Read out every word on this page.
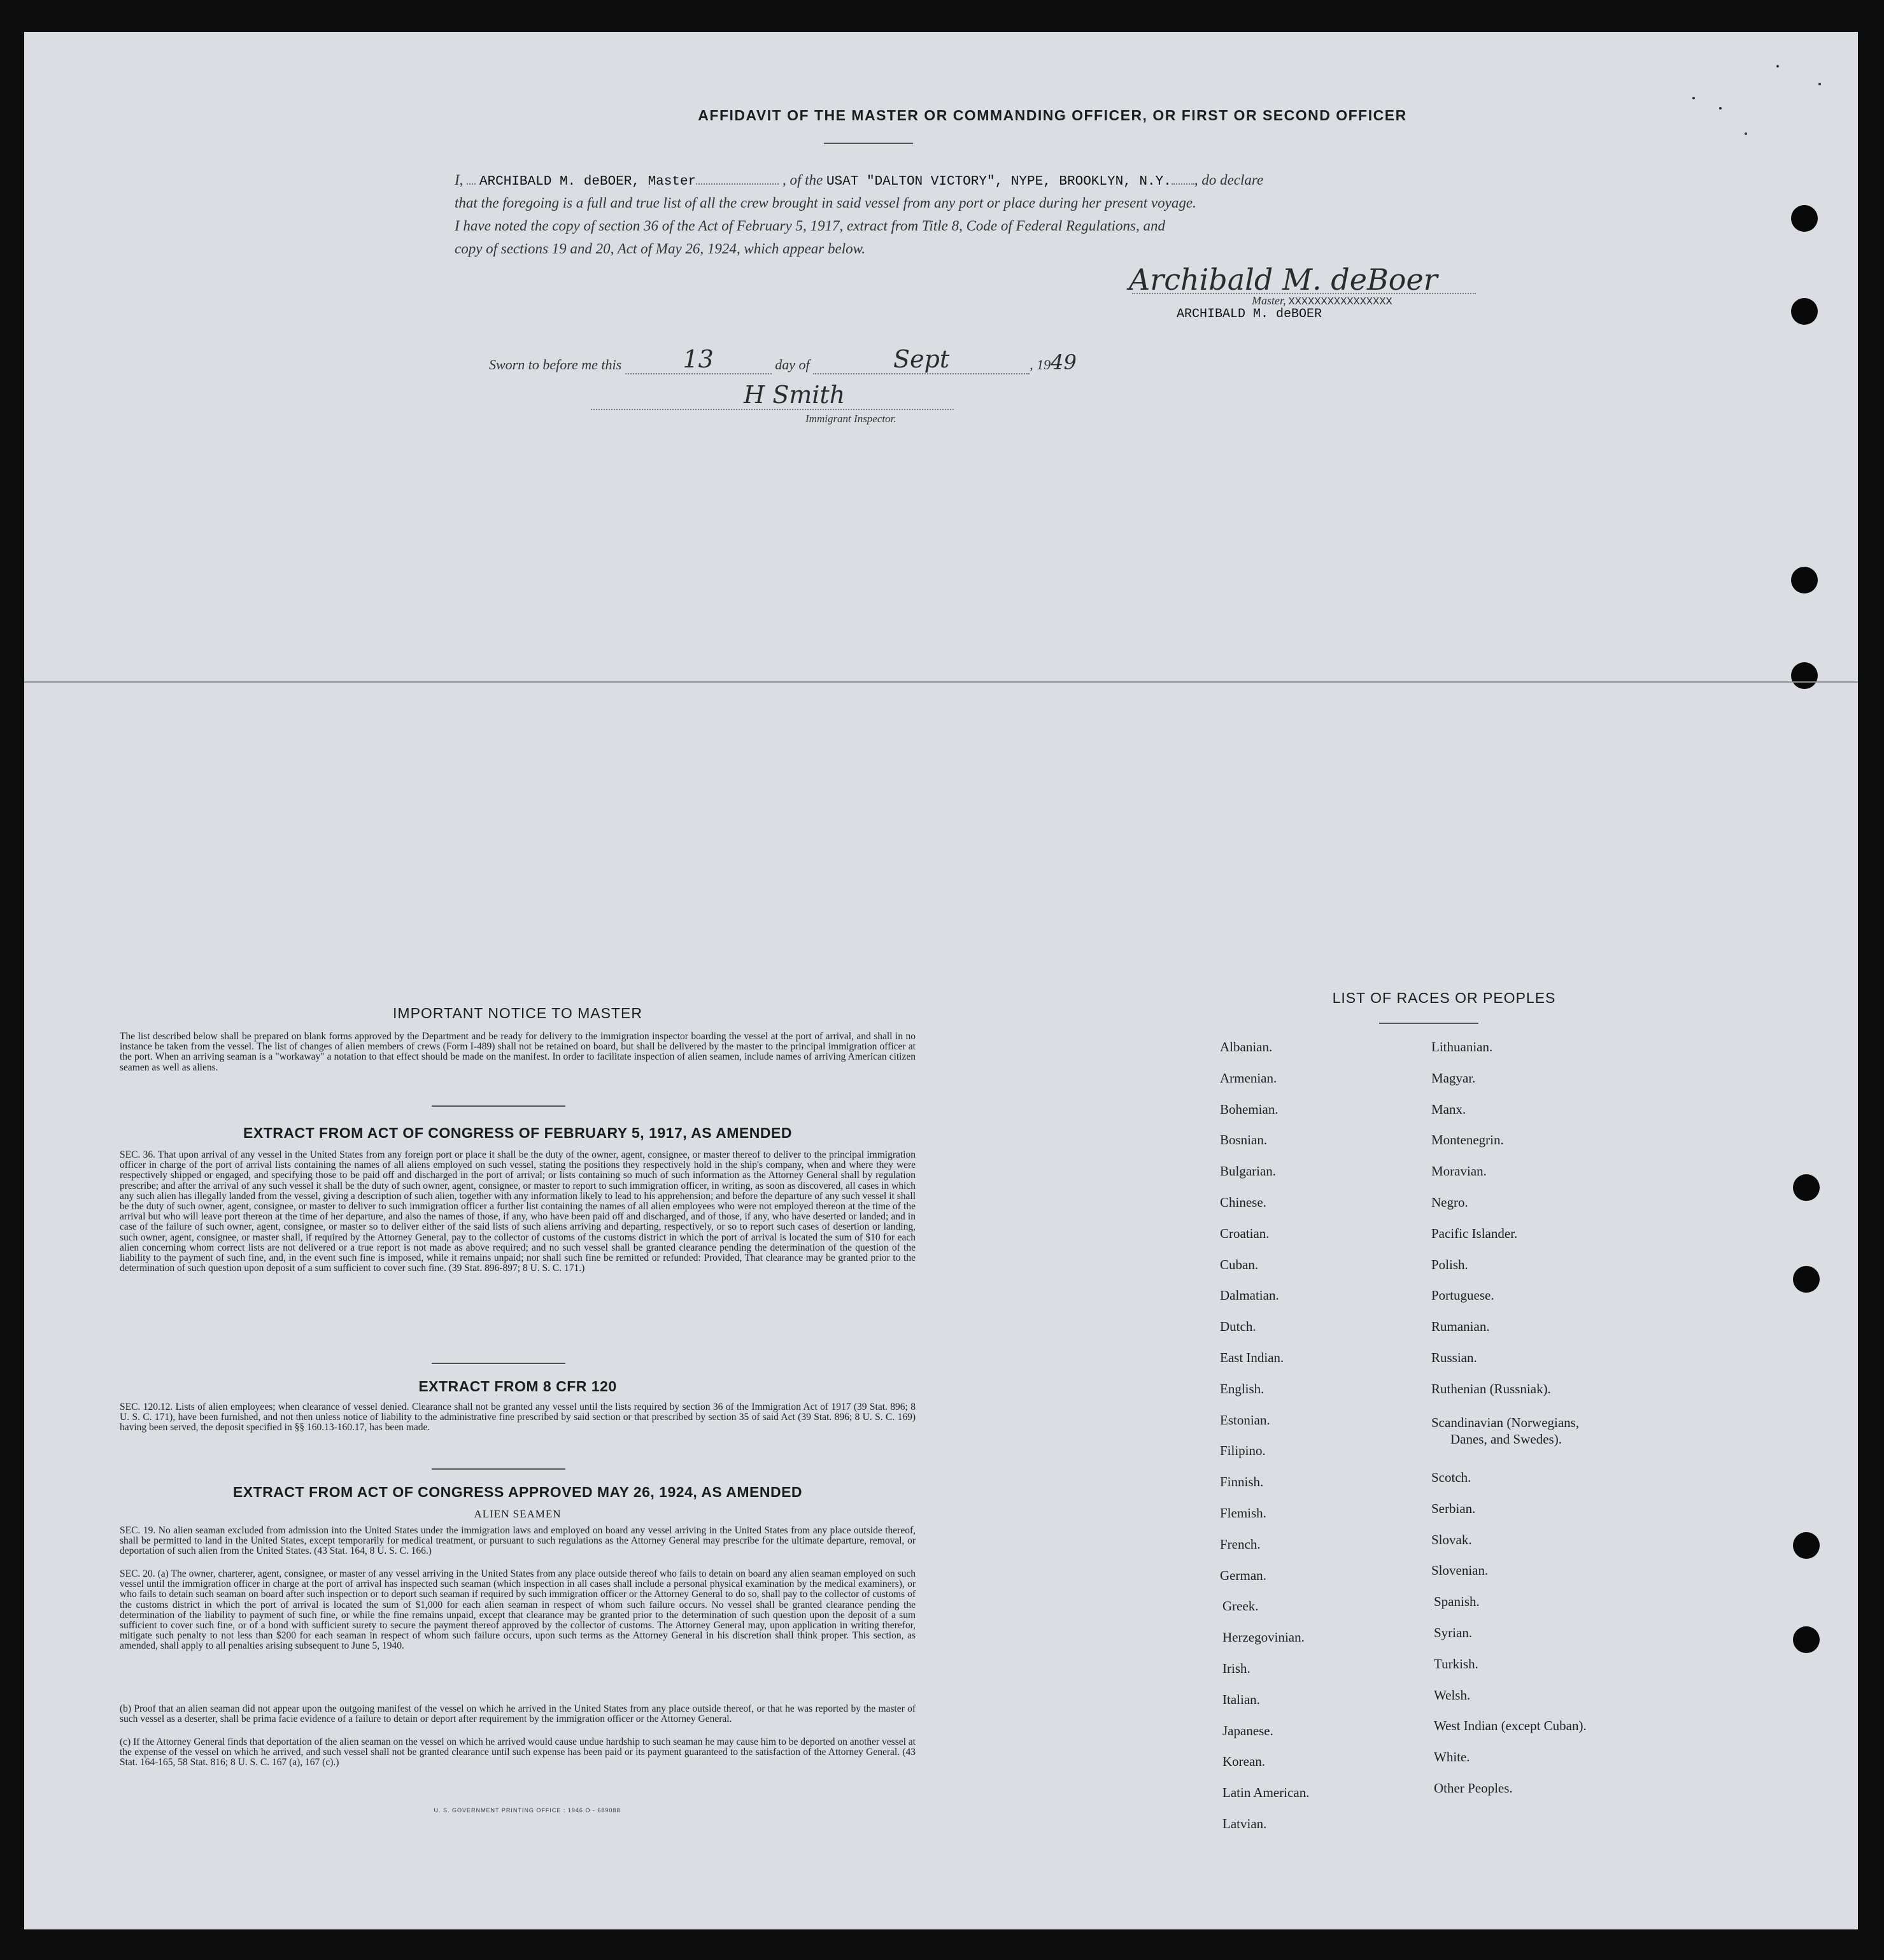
AFFIDAVIT OF THE MASTER OR COMMANDING OFFICER, OR FIRST OR SECOND OFFICER
I, ARCHIBALD M. deBOER, Master	, of the USAT "DALTON VICTORY", NYPE, BROOKLYN, N.Y. , do declare
that the foregoing is a full and true list of all the crew brought in said vessel from any port or place during her present voyage.
I have noted the copy of section 36 of the Act of February 5, 1917, extract from Title 8, Code of Federal Regulations, and
copy of sections 19 and 20, Act of May 26, 1924, which appear below.
Archibald M. deBoer
Master, XXXXXXXXXXXXXXXX
ARCHIBALD M. deBOER
Sworn to before me this	13	day of	Sept	, 1949
H Smith
Immigrant Inspector.
IMPORTANT NOTICE TO MASTER

The list described below shall be prepared on blank forms approved by the Department and be ready for delivery to the immigration inspector boarding the vessel at the port of arrival, and shall in no instance be taken from the vessel. The list of changes of alien members of crews (Form I-489) shall not be retained on board, but shall be delivered by the master to the principal immigration officer at the port. When an arriving seaman is a "workaway" a notation to that effect should be made on the manifest. In order to facilitate inspection of alien seamen, include names of arriving American citizen seamen as well as aliens.

EXTRACT FROM ACT OF CONGRESS OF FEBRUARY 5, 1917, AS AMENDED

SEC. 36. That upon arrival of any vessel in the United States from any foreign port or place it shall be the duty of the owner, agent, consignee, or master thereof to deliver to the principal immigration officer in charge of the port of arrival lists containing the names of all aliens employed on such vessel, stating the positions they respectively hold in the ship's company, when and where they were respectively shipped or engaged, and specifying those to be paid off and discharged in the port of arrival; or lists containing so much of such information as the Attorney General shall by regulation prescribe; and after the arrival of any such vessel it shall be the duty of such owner, agent, consignee, or master to report to such immigration officer, in writing, as soon as discovered, all cases in which any such alien has illegally landed from the vessel, giving a description of such alien, together with any information likely to lead to his apprehension; and before the departure of any such vessel it shall be the duty of such owner, agent, consignee, or master to deliver to such immigration officer a further list containing the names of all alien employees who were not employed thereon at the time of the arrival but who will leave port thereon at the time of her departure, and also the names of those, if any, who have been paid off and discharged, and of those, if any, who have deserted or landed; and in case of the failure of such owner, agent, consignee, or master so to deliver either of the said lists of such aliens arriving and departing, respectively, or so to report such cases of desertion or landing, such owner, agent, consignee, or master shall, if required by the Attorney General, pay to the collector of customs of the customs district in which the port of arrival is located the sum of $10 for each alien concerning whom correct lists are not delivered or a true report is not made as above required; and no such vessel shall be granted clearance pending the determination of the question of the liability to the payment of such fine, and, in the event such fine is imposed, while it remains unpaid; nor shall such fine be remitted or refunded: Provided, That clearance may be granted prior to the determination of such question upon deposit of a sum sufficient to cover such fine. (39 Stat. 896-897; 8 U. S. C. 171.)

EXTRACT FROM 8 CFR 120

SEC. 120.12. Lists of alien employees; when clearance of vessel denied. Clearance shall not be granted any vessel until the lists required by section 36 of the Immigration Act of 1917 (39 Stat. 896; 8 U. S. C. 171), have been furnished, and not then unless notice of liability to the administrative fine prescribed by said section or that prescribed by section 35 of said Act (39 Stat. 896; 8 U. S. C. 169) having been served, the deposit specified in §§ 160.13-160.17, has been made.

EXTRACT FROM ACT OF CONGRESS APPROVED MAY 26, 1924, AS AMENDED
ALIEN SEAMEN

SEC. 19. No alien seaman excluded from admission into the United States under the immigration laws and employed on board any vessel arriving in the United States from any place outside thereof, shall be permitted to land in the United States, except temporarily for medical treatment, or pursuant to such regulations as the Attorney General may prescribe for the ultimate departure, removal, or deportation of such alien from the United States. (43 Stat. 164, 8 U. S. C. 166.)

SEC. 20. (a) The owner, charterer, agent, consignee, or master of any vessel arriving in the United States from any place outside thereof who fails to detain on board any alien seaman employed on such vessel until the immigration officer in charge at the port of arrival has inspected such seaman (which inspection in all cases shall include a personal physical examination by the medical examiners), or who fails to detain such seaman on board after such inspection or to deport such seaman if required by such immigration officer or the Attorney General to do so, shall pay to the collector of customs of the customs district in which the port of arrival is located the sum of $1,000 for each alien seaman in respect of whom such failure occurs. No vessel shall be granted clearance pending the determination of the liability to payment of such fine, or while the fine remains unpaid, except that clearance may be granted prior to the determination of such question upon the deposit of a sum sufficient to cover such fine, or of a bond with sufficient surety to secure the payment thereof approved by the collector of customs. The Attorney General may, upon application in writing therefor, mitigate such penalty to not less than $200 for each seaman in respect of whom such failure occurs, upon such terms as the Attorney General in his discretion shall think proper. This section, as amended, shall apply to all penalties arising subsequent to June 5, 1940.

(b) Proof that an alien seaman did not appear upon the outgoing manifest of the vessel on which he arrived in the United States from any place outside thereof, or that he was reported by the master of such vessel as a deserter, shall be prima facie evidence of a failure to detain or deport after requirement by the immigration officer or the Attorney General.

(c) If the Attorney General finds that deportation of the alien seaman on the vessel on which he arrived would cause undue hardship to such seaman he may cause him to be deported on another vessel at the expense of the vessel on which he arrived, and such vessel shall not be granted clearance until such expense has been paid or its payment guaranteed to the satisfaction of the Attorney General. (43 Stat. 164-165, 58 Stat. 816; 8 U. S. C. 167 (a), 167 (c).)

U. S. GOVERNMENT PRINTING OFFICE : 1946 O - 689088
LIST OF RACES OR PEOPLES
Albanian.
Armenian.
Bohemian.
Bosnian.
Bulgarian.
Chinese.
Croatian.
Cuban.
Dalmatian.
Dutch.
East Indian.
English.
Estonian.
Filipino.
Finnish.
Flemish.
French.
German.
Greek.
Herzegovinian.
Irish.
Italian.
Japanese.
Korean.
Latin American.
Latvian.
Lithuanian.
Magyar.
Manx.
Montenegrin.
Moravian.
Negro.
Pacific Islander.
Polish.
Portuguese.
Rumanian.
Russian.
Ruthenian (Russniak).
Scandinavian (Norwegians,
Danes, and Swedes).
Scotch.
Serbian.
Slovak.
Slovenian.
Spanish.
Syrian.
Turkish.
Welsh.
West Indian (except Cuban).
White.
Other Peoples.
